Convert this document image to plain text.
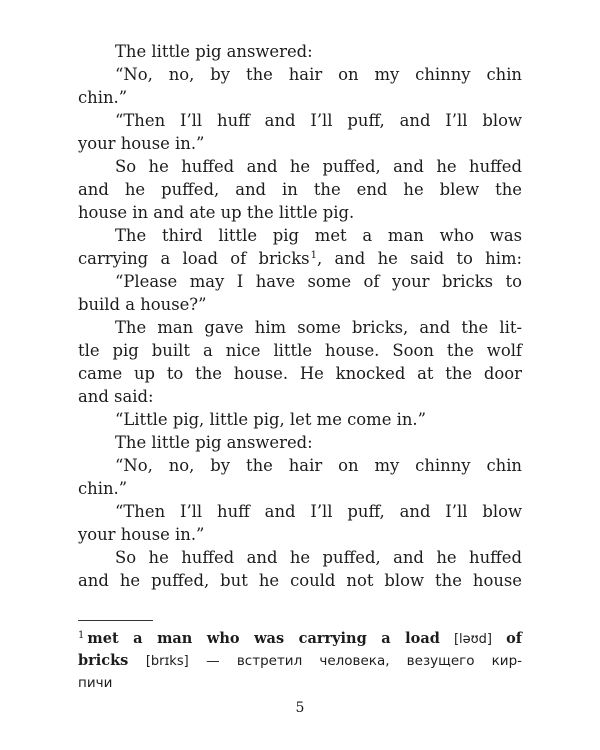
The little pig answered:
“No, no, by the hair on my chinny chin
chin.”
“Then I’ll huff and I’ll puff, and I’ll blow
your house in.”
So he huffed and he puffed, and he huffed
and he puffed, and in the end he blew the
house in and ate up the little pig.
The third little pig met a man who was
carrying a load of bricks$^1$, and he said to him:
“Please may I have some of your bricks to
build a house?”
The man gave him some bricks, and the lit-
tle pig built a nice little house. Soon the wolf
came up to the house. He knocked at the door
and said:
“Little pig, little pig, let me come in.”
The little pig answered:
“No, no, by the hair on my chinny chin
chin.”
“Then I’ll huff and I’ll puff, and I’ll blow
your house in.”
So he huffed and he puffed, and he huffed
and he puffed, but he could not blow the house
$^1$ met a man who was carrying a load [ləʊd] of
bricks [brɪks] — встретил человека, везущего кир-
пичи
5
